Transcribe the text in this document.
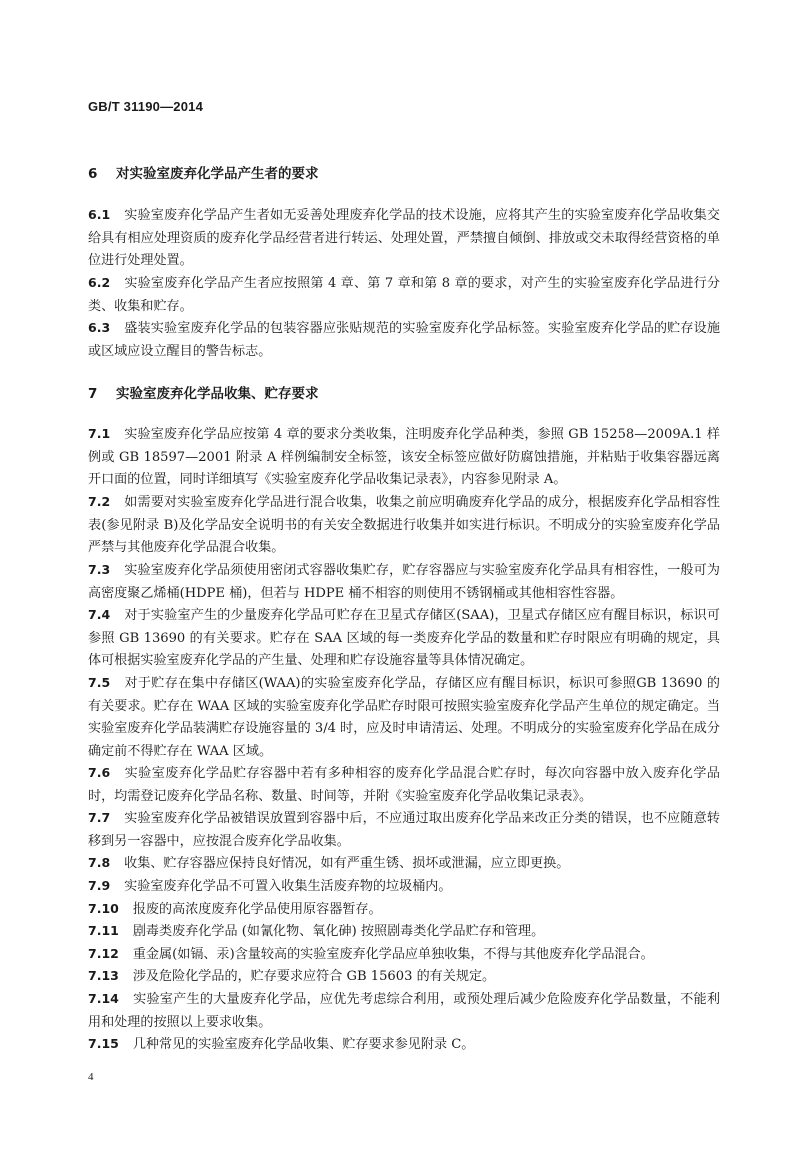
GB/T 31190—2014
6 对实验室废弃化学品产生者的要求
6.1 实验室废弃化学品产生者如无妥善处理废弃化学品的技术设施，应将其产生的实验室废弃化学品收集交给具有相应处理资质的废弃化学品经营者进行转运、处理处置，严禁擅自倾倒、排放或交未取得经营资格的单位进行处理处置。
6.2 实验室废弃化学品产生者应按照第 4 章、第 7 章和第 8 章的要求，对产生的实验室废弃化学品进行分类、收集和贮存。
6.3 盛装实验室废弃化学品的包装容器应张贴规范的实验室废弃化学品标签。实验室废弃化学品的贮存设施或区域应设立醒目的警告标志。
7 实验室废弃化学品收集、贮存要求
7.1 实验室废弃化学品应按第 4 章的要求分类收集，注明废弃化学品种类，参照 GB 15258—2009A.1 样例或 GB 18597—2001 附录 A 样例编制安全标签，该安全标签应做好防腐蚀措施，并粘贴于收集容器远离开口面的位置，同时详细填写《实验室废弃化学品收集记录表》，内容参见附录 A。
7.2 如需要对实验室废弃化学品进行混合收集，收集之前应明确废弃化学品的成分，根据废弃化学品相容性表(参见附录 B)及化学品安全说明书的有关安全数据进行收集并如实进行标识。不明成分的实验室废弃化学品严禁与其他废弃化学品混合收集。
7.3 实验室废弃化学品须使用密闭式容器收集贮存，贮存容器应与实验室废弃化学品具有相容性，一般可为高密度聚乙烯桶(HDPE 桶)，但若与 HDPE 桶不相容的则使用不锈钢桶或其他相容性容器。
7.4 对于实验室产生的少量废弃化学品可贮存在卫星式存储区(SAA)，卫星式存储区应有醒目标识，标识可参照 GB 13690 的有关要求。贮存在 SAA 区域的每一类废弃化学品的数量和贮存时限应有明确的规定，具体可根据实验室废弃化学品的产生量、处理和贮存设施容量等具体情况确定。
7.5 对于贮存在集中存储区(WAA)的实验室废弃化学品，存储区应有醒目标识，标识可参照GB 13690 的有关要求。贮存在 WAA 区域的实验室废弃化学品贮存时限可按照实验室废弃化学品产生单位的规定确定。当实验室废弃化学品装满贮存设施容量的 3/4 时，应及时申请清运、处理。不明成分的实验室废弃化学品在成分确定前不得贮存在 WAA 区域。
7.6 实验室废弃化学品贮存容器中若有多种相容的废弃化学品混合贮存时，每次向容器中放入废弃化学品时，均需登记废弃化学品名称、数量、时间等，并附《实验室废弃化学品收集记录表》。
7.7 实验室废弃化学品被错误放置到容器中后，不应通过取出废弃化学品来改正分类的错误，也不应随意转移到另一容器中，应按混合废弃化学品收集。
7.8 收集、贮存容器应保持良好情况，如有严重生锈、损坏或泄漏，应立即更换。
7.9 实验室废弃化学品不可置入收集生活废弃物的垃圾桶内。
7.10 报废的高浓度废弃化学品使用原容器暂存。
7.11 剧毒类废弃化学品 (如氰化物、氧化砷) 按照剧毒类化学品贮存和管理。
7.12 重金属(如镉、汞)含量较高的实验室废弃化学品应单独收集，不得与其他废弃化学品混合。
7.13 涉及危险化学品的，贮存要求应符合 GB 15603 的有关规定。
7.14 实验室产生的大量废弃化学品，应优先考虑综合利用，或预处理后减少危险废弃化学品数量，不能利用和处理的按照以上要求收集。
7.15 几种常见的实验室废弃化学品收集、贮存要求参见附录 C。
4
